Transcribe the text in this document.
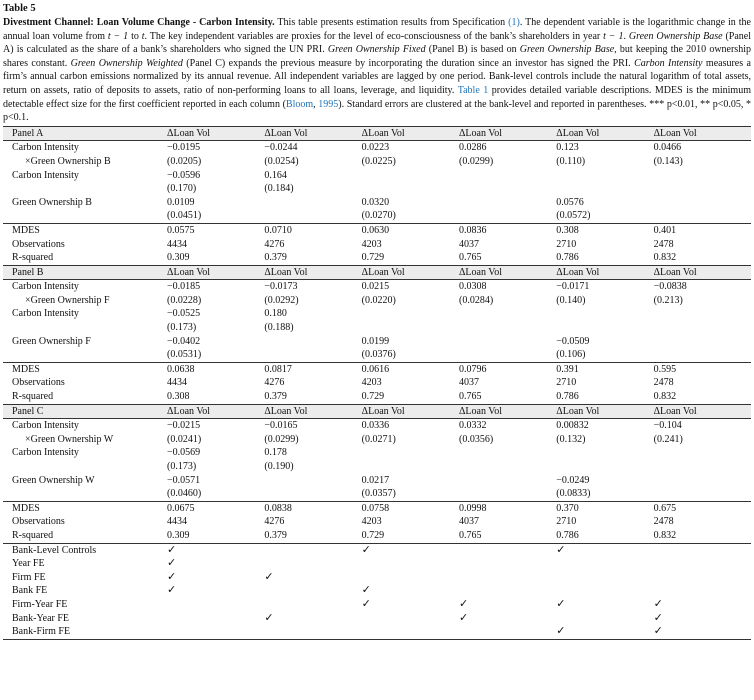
Table 5

Divestment Channel: Loan Volume Change - Carbon Intensity. This table presents estimation results from Specification (1). The dependent variable is the logarithmic change in the annual loan volume from t − 1 to t. The key independent variables are proxies for the level of eco-consciousness of the bank’s shareholders in year t − 1. Green Ownership Base (Panel A) is calculated as the share of a bank’s shareholders who signed the UN PRI. Green Ownership Fixed (Panel B) is based on Green Ownership Base, but keeping the 2010 ownership shares constant. Green Ownership Weighted (Panel C) expands the previous measure by incorporating the duration since an investor has signed the PRI. Carbon Intensity measures a firm’s annual carbon emissions normalized by its annual revenue. All independent variables are lagged by one period. Bank-level controls include the natural logarithm of total assets, return on assets, ratio of deposits to assets, ratio of non-performing loans to all loans, leverage, and liquidity. Table 1 provides detailed variable descriptions. MDES is the minimum detectable effect size for the first coefficient reported in each column (Bloom, 1995). Standard errors are clustered at the bank-level and reported in parentheses. *** p<0.01, ** p<0.05, * p<0.1.

Panel A	ΔLoan Vol	ΔLoan Vol	ΔLoan Vol	ΔLoan Vol	ΔLoan Vol	ΔLoan Vol
Carbon Intensity	−0.0195	−0.0244	0.0223	0.0286	0.123	0.0466
×Green Ownership B	(0.0205)	(0.0254)	(0.0225)	(0.0299)	(0.110)	(0.143)
Carbon Intensity	−0.0596	0.164				
	(0.170)	(0.184)				
Green Ownership B	0.0109		0.0320		0.0576	
	(0.0451)		(0.0270)		(0.0572)	
MDES	0.0575	0.0710	0.0630	0.0836	0.308	0.401
Observations	4434	4276	4203	4037	2710	2478
R-squared	0.309	0.379	0.729	0.765	0.786	0.832
Panel B	ΔLoan Vol	ΔLoan Vol	ΔLoan Vol	ΔLoan Vol	ΔLoan Vol	ΔLoan Vol
Carbon Intensity	−0.0185	−0.0173	0.0215	0.0308	−0.0171	−0.0838
×Green Ownership F	(0.0228)	(0.0292)	(0.0220)	(0.0284)	(0.140)	(0.213)
Carbon Intensity	−0.0525	0.180				
	(0.173)	(0.188)				
Green Ownership F	−0.0402		0.0199		−0.0509	
	(0.0531)		(0.0376)		(0.106)	
MDES	0.0638	0.0817	0.0616	0.0796	0.391	0.595
Observations	4434	4276	4203	4037	2710	2478
R-squared	0.308	0.379	0.729	0.765	0.786	0.832
Panel C	ΔLoan Vol	ΔLoan Vol	ΔLoan Vol	ΔLoan Vol	ΔLoan Vol	ΔLoan Vol
Carbon Intensity	−0.0215	−0.0165	0.0336	0.0332	0.00832	−0.104
×Green Ownership W	(0.0241)	(0.0299)	(0.0271)	(0.0356)	(0.132)	(0.241)
Carbon Intensity	−0.0569	0.178				
	(0.173)	(0.190)				
Green Ownership W	−0.0571		0.0217		−0.0249	
	(0.0460)		(0.0357)		(0.0833)	
MDES	0.0675	0.0838	0.0758	0.0998	0.370	0.675
Observations	4434	4276	4203	4037	2710	2478
R-squared	0.309	0.379	0.729	0.765	0.786	0.832
Bank-Level Controls	✓		✓		✓	
Year FE	✓					
Firm FE	✓	✓				
Bank FE	✓		✓			
Firm-Year FE			✓	✓	✓	✓
Bank-Year FE		✓		✓		✓
Bank-Firm FE					✓	✓
